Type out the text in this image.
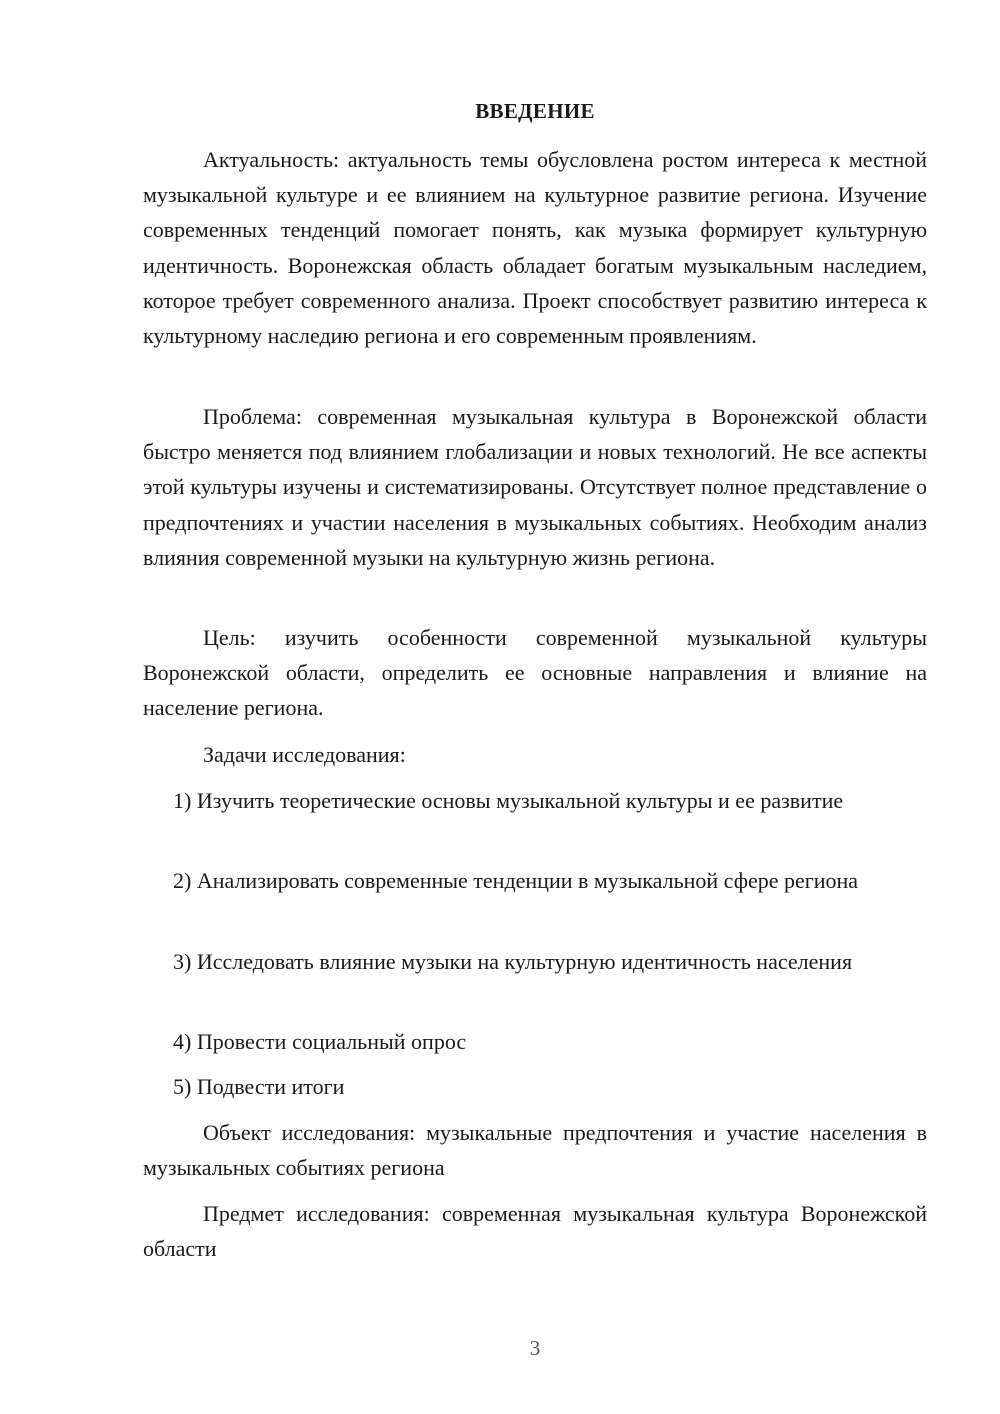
ВВЕДЕНИЕ

Актуальность: актуальность темы обусловлена ростом интереса к местной музыкальной культуре и ее влиянием на культурное развитие региона. Изучение современных тенденций помогает понять, как музыка формирует культурную идентичность. Воронежская область обладает богатым музыкальным наследием, которое требует современного анализа. Проект способствует развитию интереса к культурному наследию региона и его современным проявлениям.

Проблема: современная музыкальная культура в Воронежской области быстро меняется под влиянием глобализации и новых технологий. Не все аспекты этой культуры изучены и систематизированы. Отсутствует полное представление о предпочтениях и участии населения в музыкальных событиях. Необходим анализ влияния современной музыки на культурную жизнь региона.

Цель: изучить особенности современной музыкальной культуры Воронежской области, определить ее основные направления и влияние на население региона.

Задачи исследования:

1) Изучить теоретические основы музыкальной культуры и ее развитие

2) Анализировать современные тенденции в музыкальной сфере региона

3) Исследовать влияние музыки на культурную идентичность населения

4) Провести социальный опрос

5) Подвести итоги

Объект исследования: музыкальные предпочтения и участие населения в музыкальных событиях региона

Предмет исследования: современная музыкальная культура Воронежской области

3
